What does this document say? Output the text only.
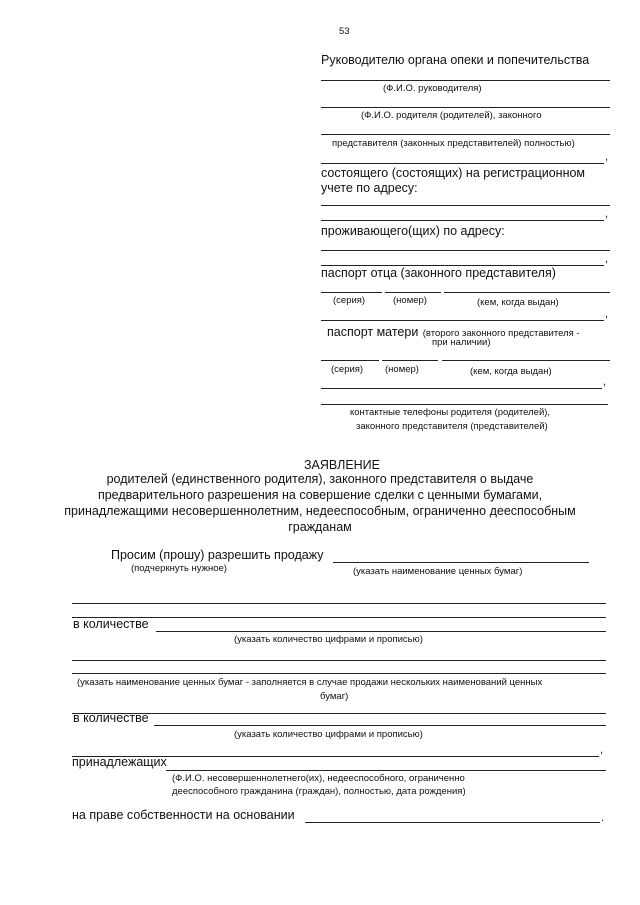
53
Руководителю органа опеки и попечительства
(Ф.И.О. руководителя)
(Ф.И.О. родителя (родителей), законного
представителя (законных представителей) полностью)
,
состоящего (состоящих) на регистрационном
учете по адресу:
,
проживающего(щих) по адресу:
,
паспорт отца (законного представителя)
(серия)	(номер)	(кем, когда выдан)
,
паспорт матери (второго законного представителя -
при наличии)
(серия) (номер)	(кем, когда выдан)
,
контактные телефоны родителя (родителей),
законного представителя (представителей)
ЗАЯВЛЕНИЕ
родителей (единственного родителя), законного представителя о выдаче
предварительного разрешения на совершение сделки с ценными бумагами,
принадлежащими несовершеннолетним, недееспособным, ограниченно дееспособным
гражданам
Просим (прошу) разрешить продажу
(подчеркнуть нужное)	(указать наименование ценных бумаг)
в количестве
(указать количество цифрами и прописью)
(указать наименование ценных бумаг - заполняется в случае продажи нескольких наименований ценных
бумаг)
в количестве
(указать количество цифрами и прописью)
,
принадлежащих
(Ф.И.О. несовершеннолетнего(их), недееспособного, ограниченно
дееспособного гражданина (граждан), полностью, дата рождения)
на праве собственности на основании	.
